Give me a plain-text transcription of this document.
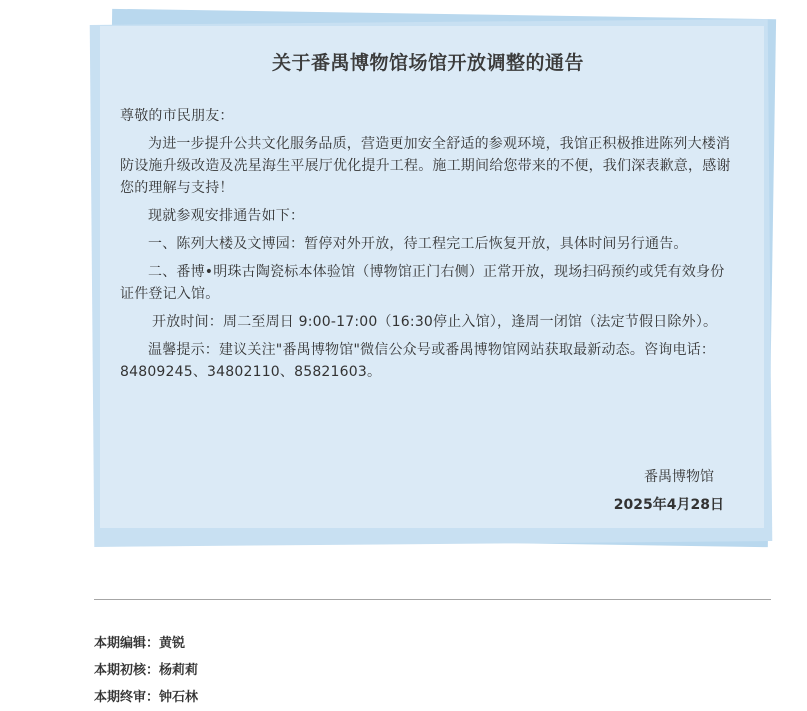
关于番禺博物馆场馆开放调整的通告

尊敬的市民朋友：

为进一步提升公共文化服务品质，营造更加安全舒适的参观环境，我馆正积极推进陈列大楼消防设施升级改造及冼星海生平展厅优化提升工程。施工期间给您带来的不便，我们深表歉意，感谢您的理解与支持！

现就参观安排通告如下：

一、陈列大楼及文博园：暂停对外开放，待工程完工后恢复开放，具体时间另行通告。

二、番博•明珠古陶瓷标本体验馆（博物馆正门右侧）正常开放，现场扫码预约或凭有效身份证件登记入馆。

开放时间：周二至周日 9:00-17:00（16:30停止入馆），逢周一闭馆（法定节假日除外）。

温馨提示：建议关注"番禺博物馆"微信公众号或番禺博物馆网站获取最新动态。咨询电话：84809245、34802110、85821603。

番禺博物馆
2025年4月28日
本期编辑：黄锐
本期初核：杨莉莉
本期终审：钟石林
